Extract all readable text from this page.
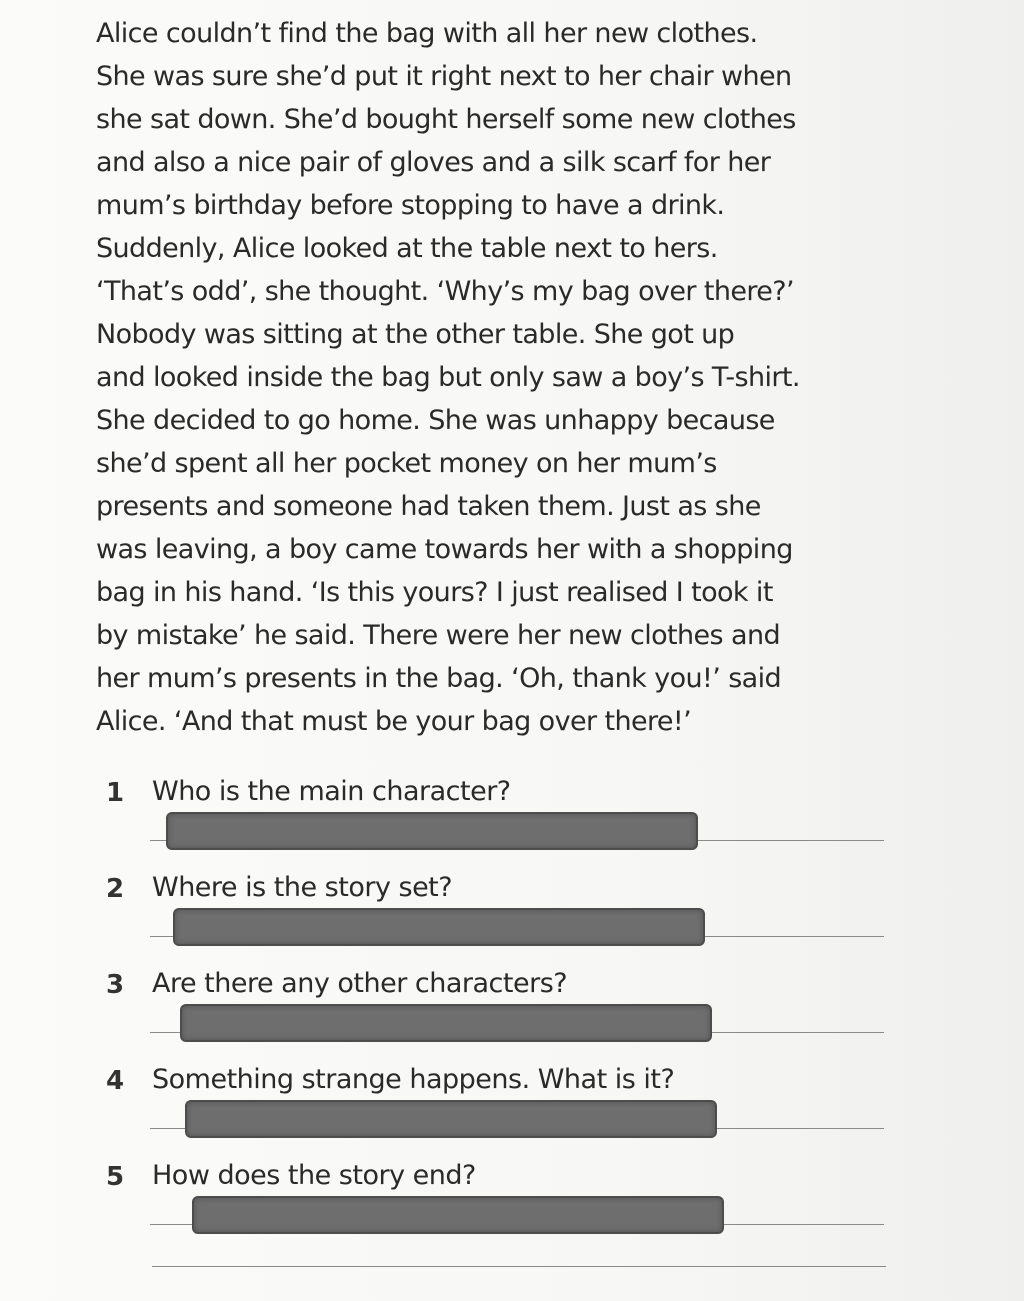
Alice couldn’t find the bag with all her new clothes.
She was sure she’d put it right next to her chair when
she sat down. She’d bought herself some new clothes
and also a nice pair of gloves and a silk scarf for her
mum’s birthday before stopping to have a drink.
Suddenly, Alice looked at the table next to hers.
‘That’s odd’, she thought. ‘Why’s my bag over there?’
Nobody was sitting at the other table. She got up
and looked inside the bag but only saw a boy’s T-shirt.
She decided to go home. She was unhappy because
she’d spent all her pocket money on her mum’s
presents and someone had taken them. Just as she
was leaving, a boy came towards her with a shopping
bag in his hand. ‘Is this yours? I just realised I took it
by mistake’ he said. There were her new clothes and
her mum’s presents in the bag. ‘Oh, thank you!’ said
Alice. ‘And that must be your bag over there!’
1 Who is the main character?
2 Where is the story set?
3 Are there any other characters?
4 Something strange happens. What is it?
5 How does the story end?
